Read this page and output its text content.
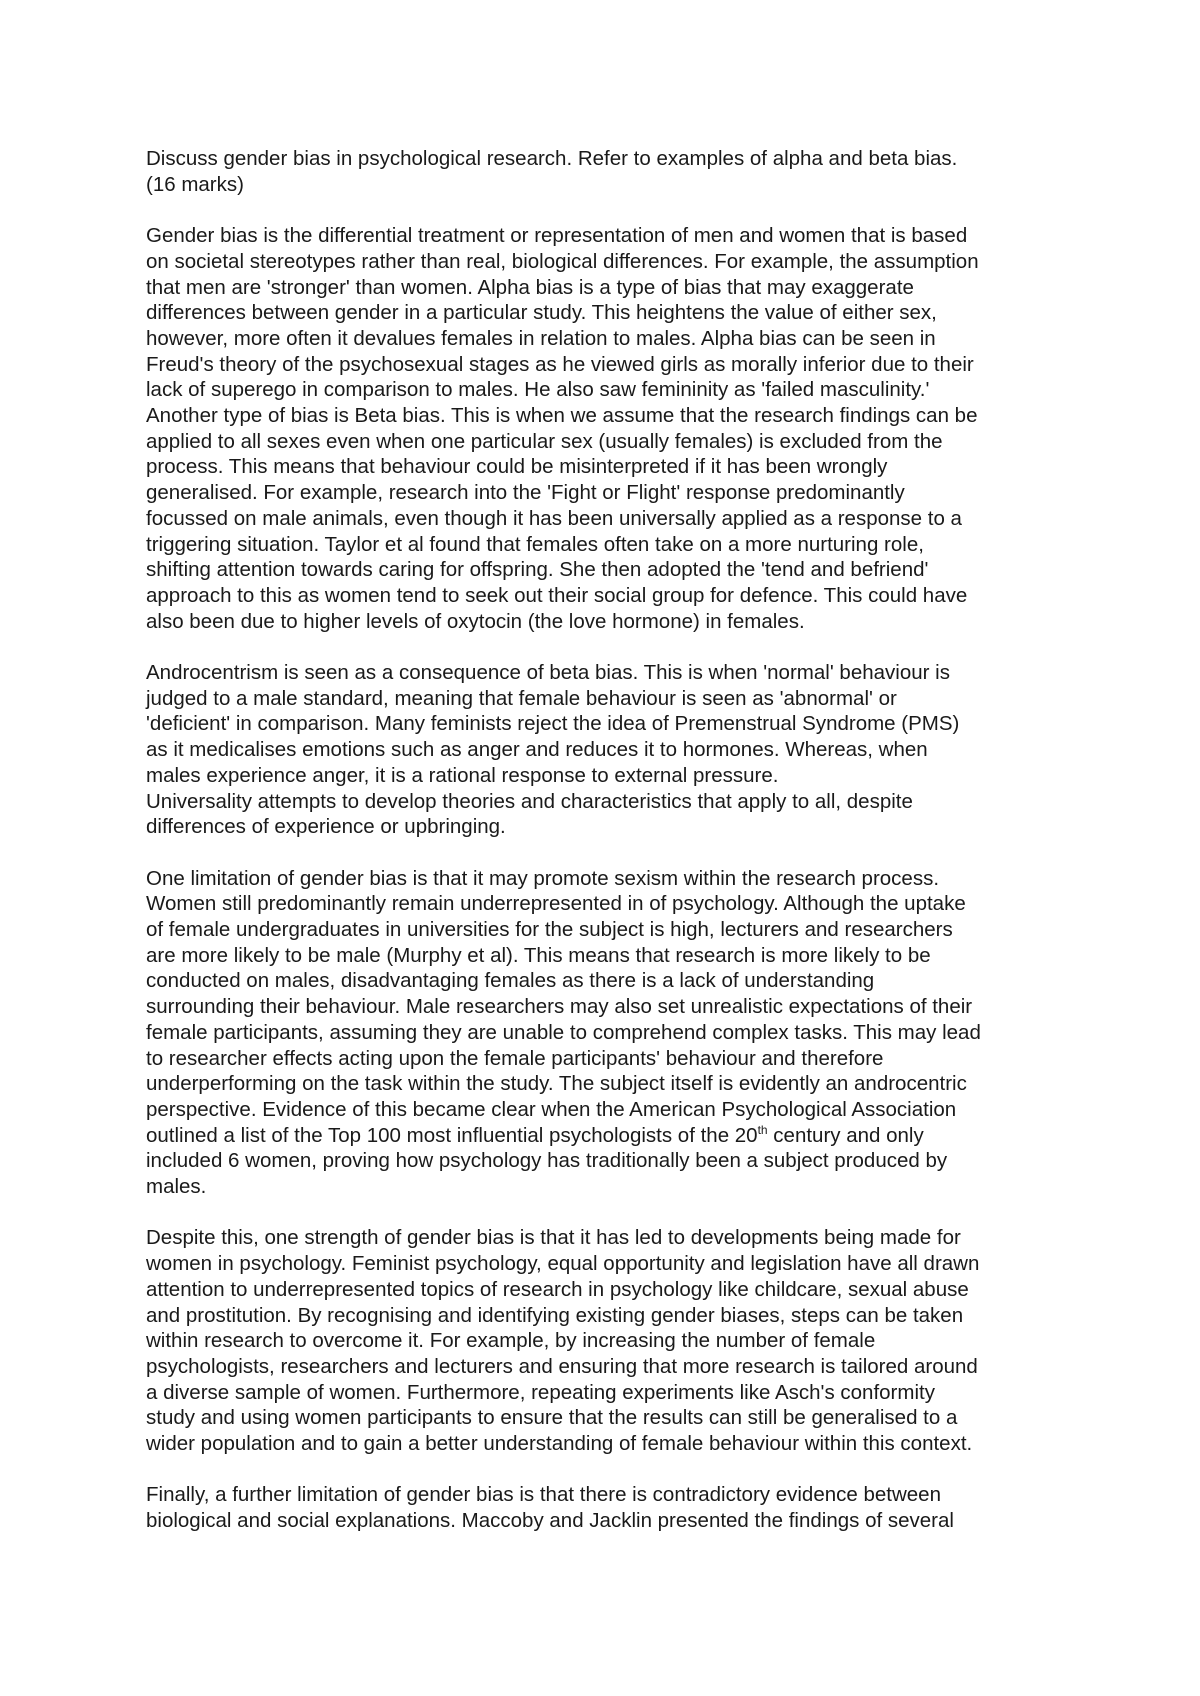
Discuss gender bias in psychological research. Refer to examples of alpha and beta bias.
(16 marks)

Gender bias is the differential treatment or representation of men and women that is based
on societal stereotypes rather than real, biological differences. For example, the assumption
that men are 'stronger' than women. Alpha bias is a type of bias that may exaggerate
differences between gender in a particular study. This heightens the value of either sex,
however, more often it devalues females in relation to males. Alpha bias can be seen in
Freud's theory of the psychosexual stages as he viewed girls as morally inferior due to their
lack of superego in comparison to males. He also saw femininity as 'failed masculinity.'
Another type of bias is Beta bias. This is when we assume that the research findings can be
applied to all sexes even when one particular sex (usually females) is excluded from the
process. This means that behaviour could be misinterpreted if it has been wrongly
generalised. For example, research into the 'Fight or Flight' response predominantly
focussed on male animals, even though it has been universally applied as a response to a
triggering situation. Taylor et al found that females often take on a more nurturing role,
shifting attention towards caring for offspring. She then adopted the 'tend and befriend'
approach to this as women tend to seek out their social group for defence. This could have
also been due to higher levels of oxytocin (the love hormone) in females.

Androcentrism is seen as a consequence of beta bias. This is when 'normal' behaviour is
judged to a male standard, meaning that female behaviour is seen as 'abnormal' or
'deficient' in comparison. Many feminists reject the idea of Premenstrual Syndrome (PMS)
as it medicalises emotions such as anger and reduces it to hormones. Whereas, when
males experience anger, it is a rational response to external pressure.
Universality attempts to develop theories and characteristics that apply to all, despite
differences of experience or upbringing.

One limitation of gender bias is that it may promote sexism within the research process.
Women still predominantly remain underrepresented in of psychology. Although the uptake
of female undergraduates in universities for the subject is high, lecturers and researchers
are more likely to be male (Murphy et al). This means that research is more likely to be
conducted on males, disadvantaging females as there is a lack of understanding
surrounding their behaviour. Male researchers may also set unrealistic expectations of their
female participants, assuming they are unable to comprehend complex tasks. This may lead
to researcher effects acting upon the female participants' behaviour and therefore
underperforming on the task within the study. The subject itself is evidently an androcentric
perspective. Evidence of this became clear when the American Psychological Association
outlined a list of the Top 100 most influential psychologists of the 20th century and only
included 6 women, proving how psychology has traditionally been a subject produced by
males.

Despite this, one strength of gender bias is that it has led to developments being made for
women in psychology. Feminist psychology, equal opportunity and legislation have all drawn
attention to underrepresented topics of research in psychology like childcare, sexual abuse
and prostitution. By recognising and identifying existing gender biases, steps can be taken
within research to overcome it. For example, by increasing the number of female
psychologists, researchers and lecturers and ensuring that more research is tailored around
a diverse sample of women. Furthermore, repeating experiments like Asch's conformity
study and using women participants to ensure that the results can still be generalised to a
wider population and to gain a better understanding of female behaviour within this context.

Finally, a further limitation of gender bias is that there is contradictory evidence between
biological and social explanations. Maccoby and Jacklin presented the findings of several
